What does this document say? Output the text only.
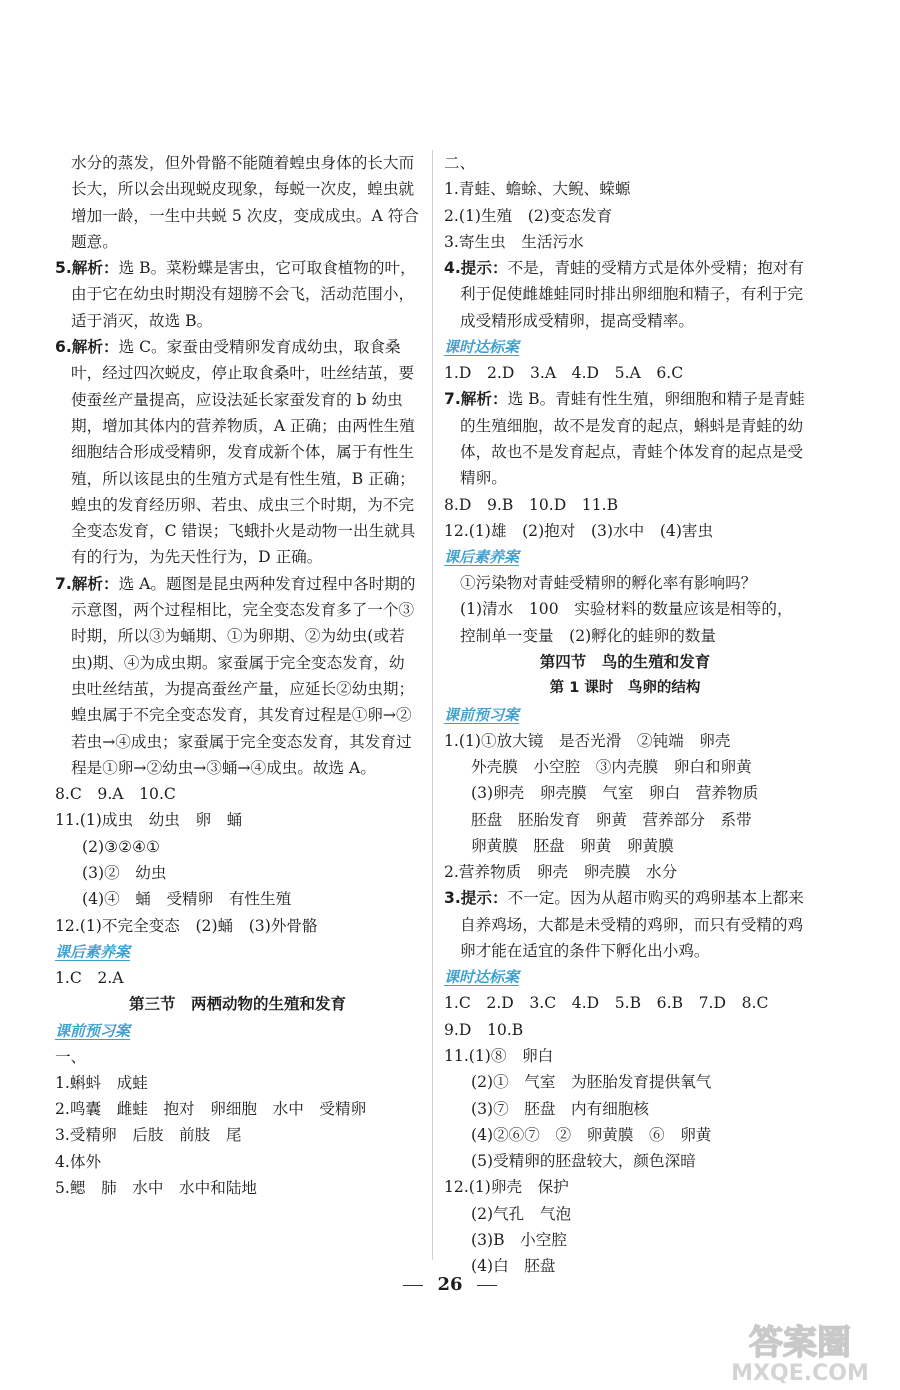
水分的蒸发，但外骨骼不能随着蝗虫身体的长大而长大，所以会出现蜕皮现象，每蜕一次皮，蝗虫就增加一龄，一生中共蜕 5 次皮，变成成虫。A 符合题意。
5.解析：选 B。菜粉蝶是害虫，它可取食植物的叶，由于它在幼虫时期没有翅膀不会飞，活动范围小，适于消灭，故选 B。
6.解析：选 C。家蚕由受精卵发育成幼虫，取食桑叶，经过四次蜕皮，停止取食桑叶，吐丝结茧，要使蚕丝产量提高，应设法延长家蚕发育的 b 幼虫期，增加其体内的营养物质，A 正确；由两性生殖细胞结合形成受精卵，发育成新个体，属于有性生殖，所以该昆虫的生殖方式是有性生殖，B 正确；蝗虫的发育经历卵、若虫、成虫三个时期，为不完全变态发育，C 错误；飞蛾扑火是动物一出生就具有的行为，为先天性行为，D 正确。
7.解析：选 A。题图是昆虫两种发育过程中各时期的示意图，两个过程相比，完全变态发育多了一个③时期，所以③为蛹期、①为卵期、②为幼虫(或若虫)期、④为成虫期。家蚕属于完全变态发育，幼虫吐丝结茧，为提高蚕丝产量，应延长②幼虫期；蝗虫属于不完全变态发育，其发育过程是①卵→②若虫→④成虫；家蚕属于完全变态发育，其发育过程是①卵→②幼虫→③蛹→④成虫。故选 A。
8.C　9.A　10.C
11.(1)成虫　幼虫　卵　蛹
(2)③②④①
(3)②　幼虫
(4)④　蛹　受精卵　有性生殖
12.(1)不完全变态　(2)蛹　(3)外骨骼
课后素养案
1.C　2.A
第三节　两栖动物的生殖和发育
课前预习案
一、
1.蝌蚪　成蛙
2.鸣囊　雌蛙　抱对　卵细胞　水中　受精卵
3.受精卵　后肢　前肢　尾
4.体外
5.鳃　肺　水中　水中和陆地
二、
1.青蛙、蟾蜍、大鲵、蝾螈
2.(1)生殖　(2)变态发育
3.寄生虫　生活污水
4.提示：不是，青蛙的受精方式是体外受精；抱对有利于促使雌雄蛙同时排出卵细胞和精子，有利于完成受精形成受精卵，提高受精率。
课时达标案
1.D　2.D　3.A　4.D　5.A　6.C
7.解析：选 B。青蛙有性生殖，卵细胞和精子是青蛙的生殖细胞，故不是发育的起点，蝌蚪是青蛙的幼体，故也不是发育起点，青蛙个体发育的起点是受精卵。
8.D　9.B　10.D　11.B
12.(1)雄　(2)抱对　(3)水中　(4)害虫
课后素养案
①污染物对青蛙受精卵的孵化率有影响吗？
(1)清水　100　实验材料的数量应该是相等的，控制单一变量　(2)孵化的蛙卵的数量
第四节　鸟的生殖和发育
第 1 课时　鸟卵的结构
课前预习案
1.(1)①放大镜　是否光滑　②钝端　卵壳
外壳膜　小空腔　③内壳膜　卵白和卵黄
(3)卵壳　卵壳膜　气室　卵白　营养物质
胚盘　胚胎发育　卵黄　营养部分　系带
卵黄膜　胚盘　卵黄　卵黄膜
2.营养物质　卵壳　卵壳膜　水分
3.提示：不一定。因为从超市购买的鸡卵基本上都来自养鸡场，大都是未受精的鸡卵，而只有受精的鸡卵才能在适宜的条件下孵化出小鸡。
课时达标案
1.C　2.D　3.C　4.D　5.B　6.B　7.D　8.C
9.D　10.B
11.(1)⑧　卵白
(2)①　气室　为胚胎发育提供氧气
(3)⑦　胚盘　内有细胞核
(4)②⑥⑦　②　卵黄膜　⑥　卵黄
(5)受精卵的胚盘较大，颜色深暗
12.(1)卵壳　保护
(2)气孔　气泡
(3)B　小空腔
(4)白　胚盘
26
答案圈
MXQE.COM
